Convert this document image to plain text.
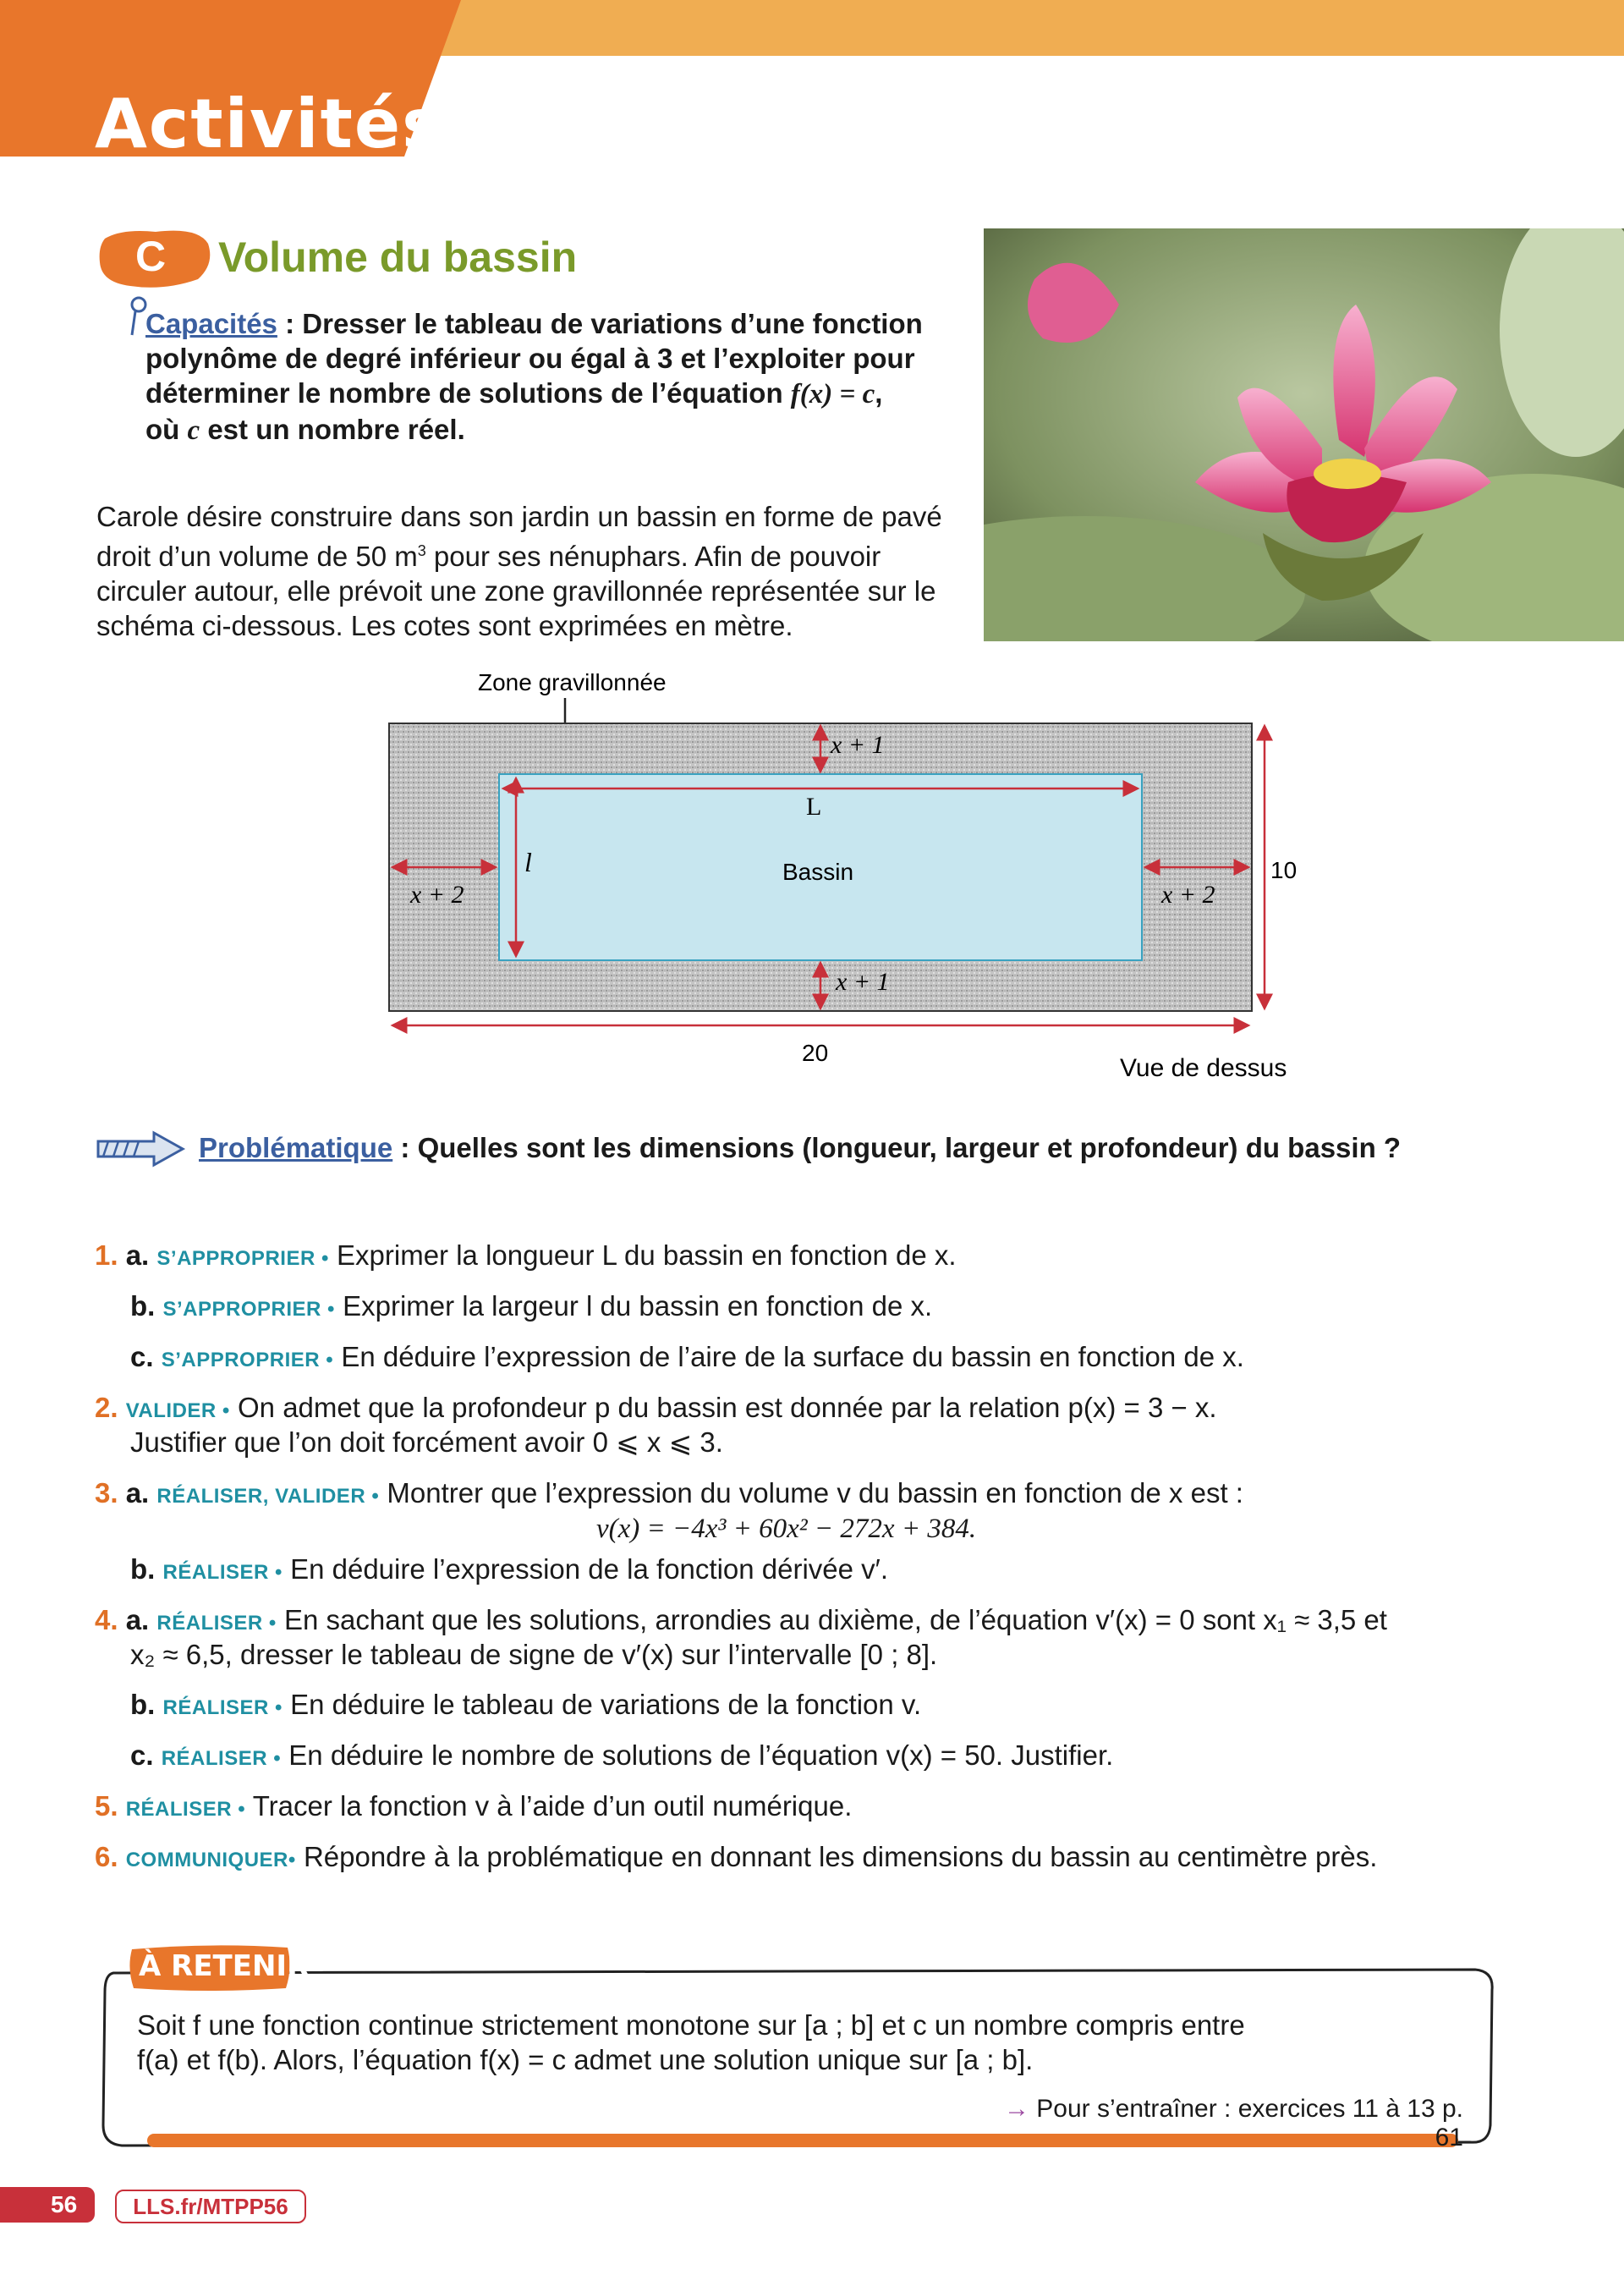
Activités
C Volume du bassin
Capacités : Dresser le tableau de variations d’une fonction polynôme de degré inférieur ou égal à 3 et l’exploiter pour déterminer le nombre de solutions de l’équation f(x) = c, où c est un nombre réel.
Carole désire construire dans son jardin un bassin en forme de pavé droit d’un volume de 50 $m^3$ pour ses nénuphars. Afin de pouvoir circuler autour, elle prévoit une zone gravillonnée représentée sur le schéma ci-dessous. Les cotes sont exprimées en mètre.
Zone gravillonnée
x + 1
L
l	Bassin
x + 2	x + 2
x + 1
10
20
Vue de dessus
Problématique : Quelles sont les dimensions (longueur, largeur et profondeur) du bassin ?
1. a. S’APPROPRIER • Exprimer la longueur L du bassin en fonction de x.
b. S’APPROPRIER • Exprimer la largeur l du bassin en fonction de x.
c. S’APPROPRIER • En déduire l’expression de l’aire de la surface du bassin en fonction de x.
2. VALIDER • On admet que la profondeur p du bassin est donnée par la relation p(x) = 3 − x.
Justifier que l’on doit forcément avoir 0 ⩽ x ⩽ 3.
3. a. RÉALISER, VALIDER • Montrer que l’expression du volume v du bassin en fonction de x est :
v(x) = −4x³ + 60x² − 272x + 384.
b. RÉALISER • En déduire l’expression de la fonction dérivée v′.
4. a. RÉALISER • En sachant que les solutions, arrondies au dixième, de l’équation v′(x) = 0 sont x₁ ≈ 3,5 et
x₂ ≈ 6,5, dresser le tableau de signe de v′(x) sur l’intervalle [0 ; 8].
b. RÉALISER • En déduire le tableau de variations de la fonction v.
c. RÉALISER • En déduire le nombre de solutions de l’équation v(x) = 50. Justifier.
5. RÉALISER • Tracer la fonction v à l’aide d’un outil numérique.
6. COMMUNIQUER• Répondre à la problématique en donnant les dimensions du bassin au centimètre près.
À RETENIR
Soit f une fonction continue strictement monotone sur [a ; b] et c un nombre compris entre
f(a) et f(b). Alors, l’équation f(x) = c admet une solution unique sur [a ; b].
→ Pour s’entraîner : exercices 11 à 13 p. 61
56	LLS.fr/MTPP56
